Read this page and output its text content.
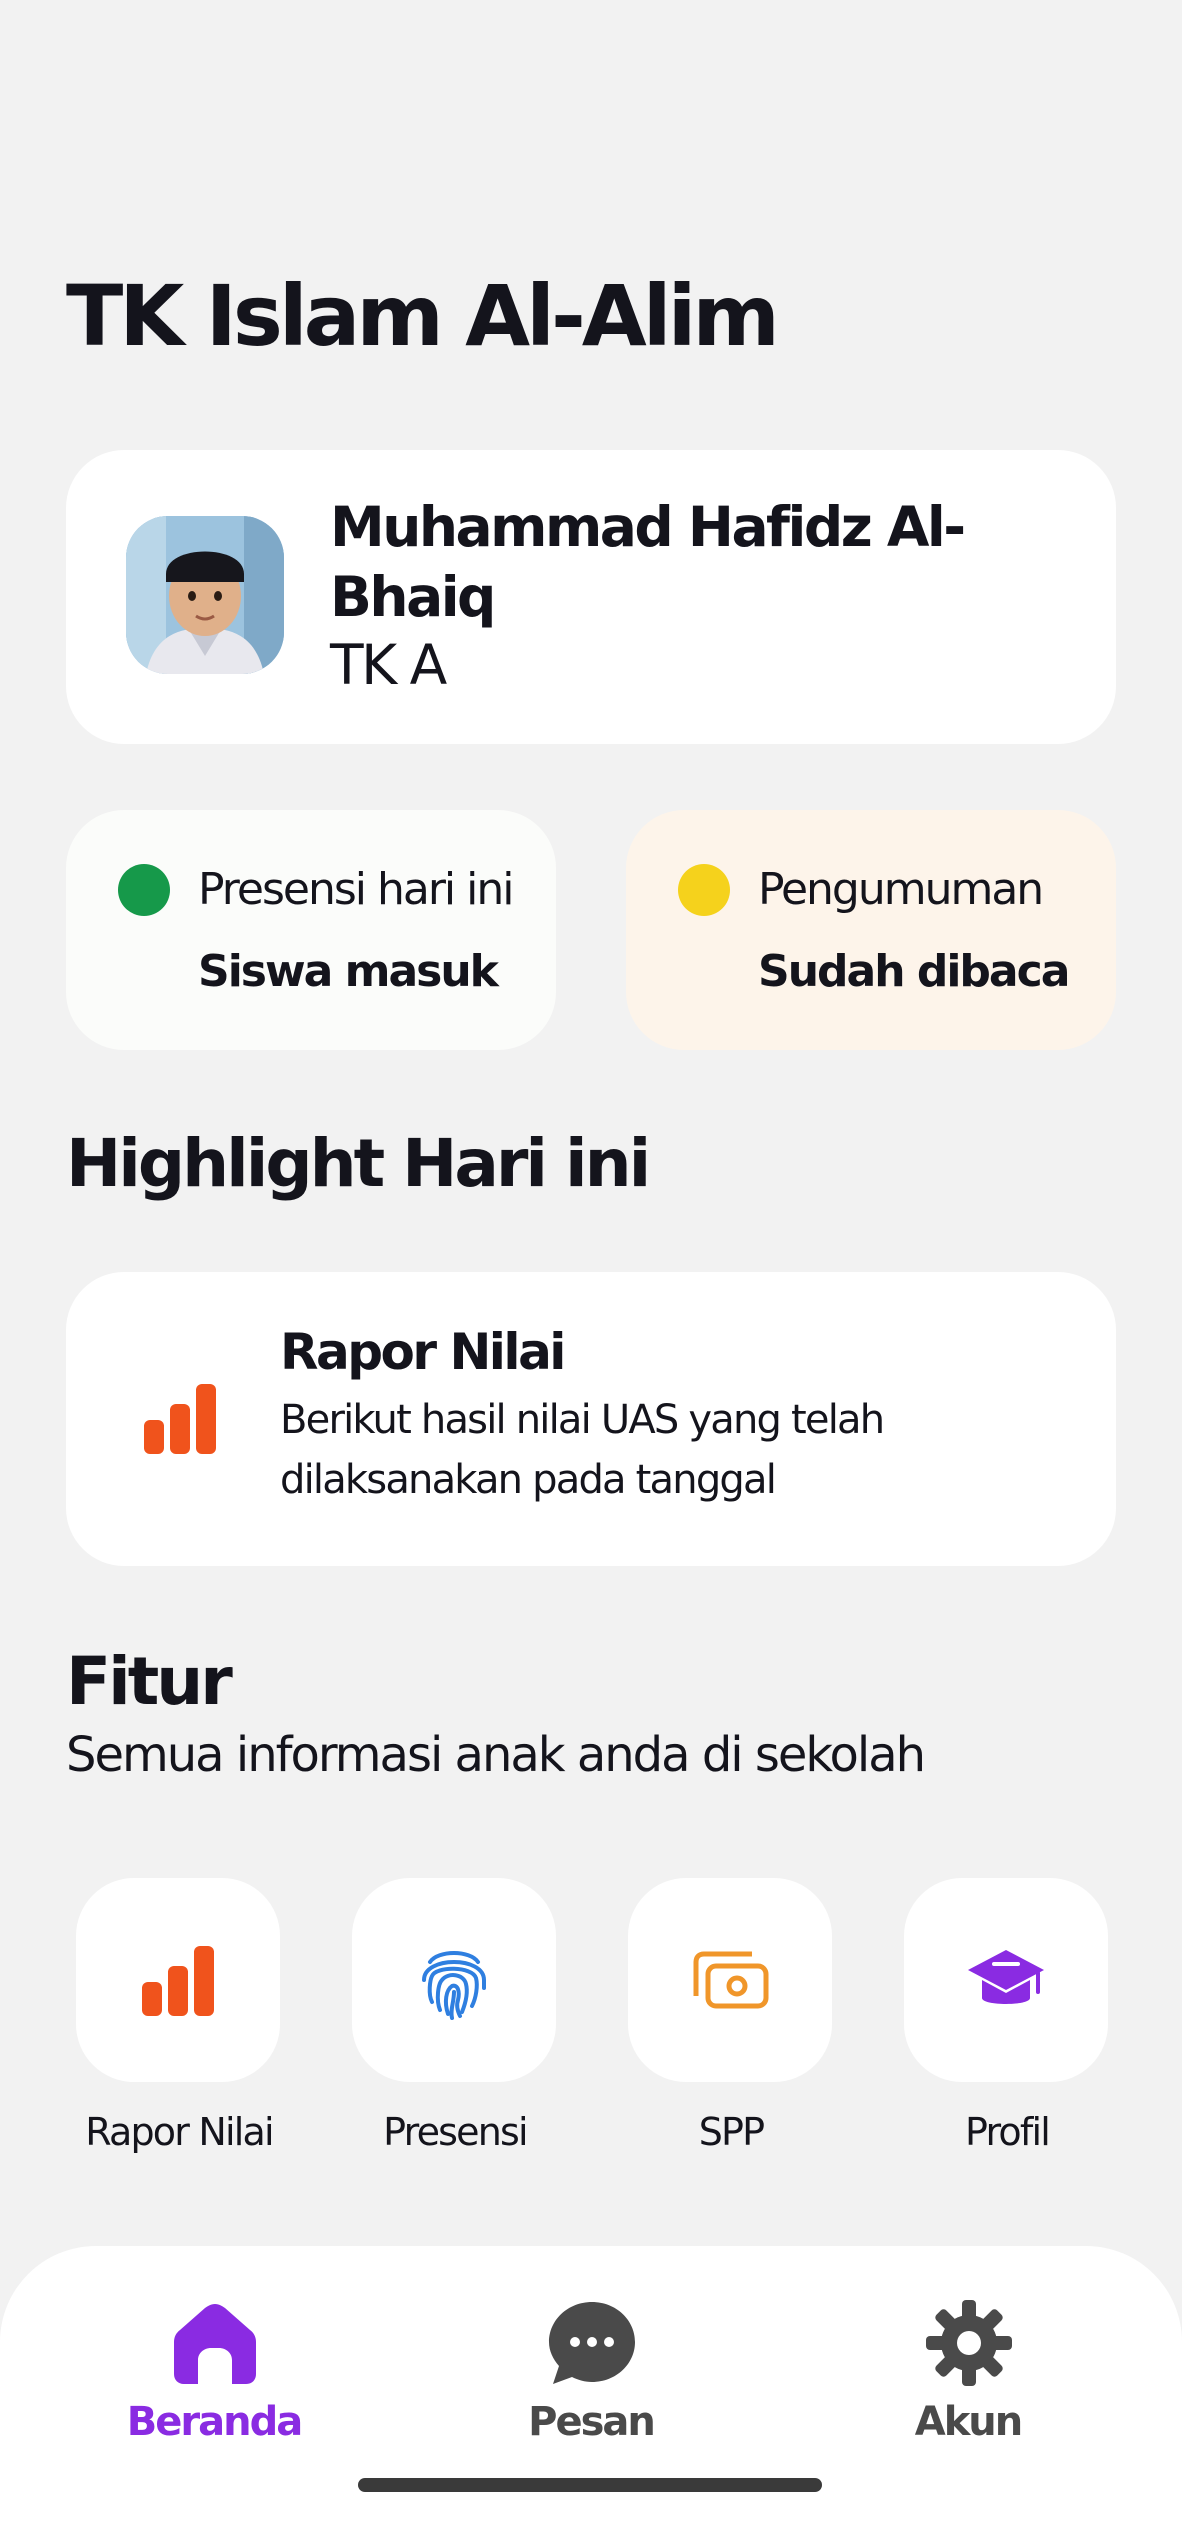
TK Islam Al-Alim
Muhammad Hafidz Al-Bhaiq
TK A
Presensi hari ini
Siswa masuk
Pengumuman
Sudah dibaca
Highlight Hari ini
Rapor Nilai
Berikut hasil nilai UAS yang telah dilaksanakan pada tanggal
Fitur

Semua informasi anak anda di sekolah

Rapor Nilai	Presensi	SPP	Profil
Beranda	Pesan	Akun
